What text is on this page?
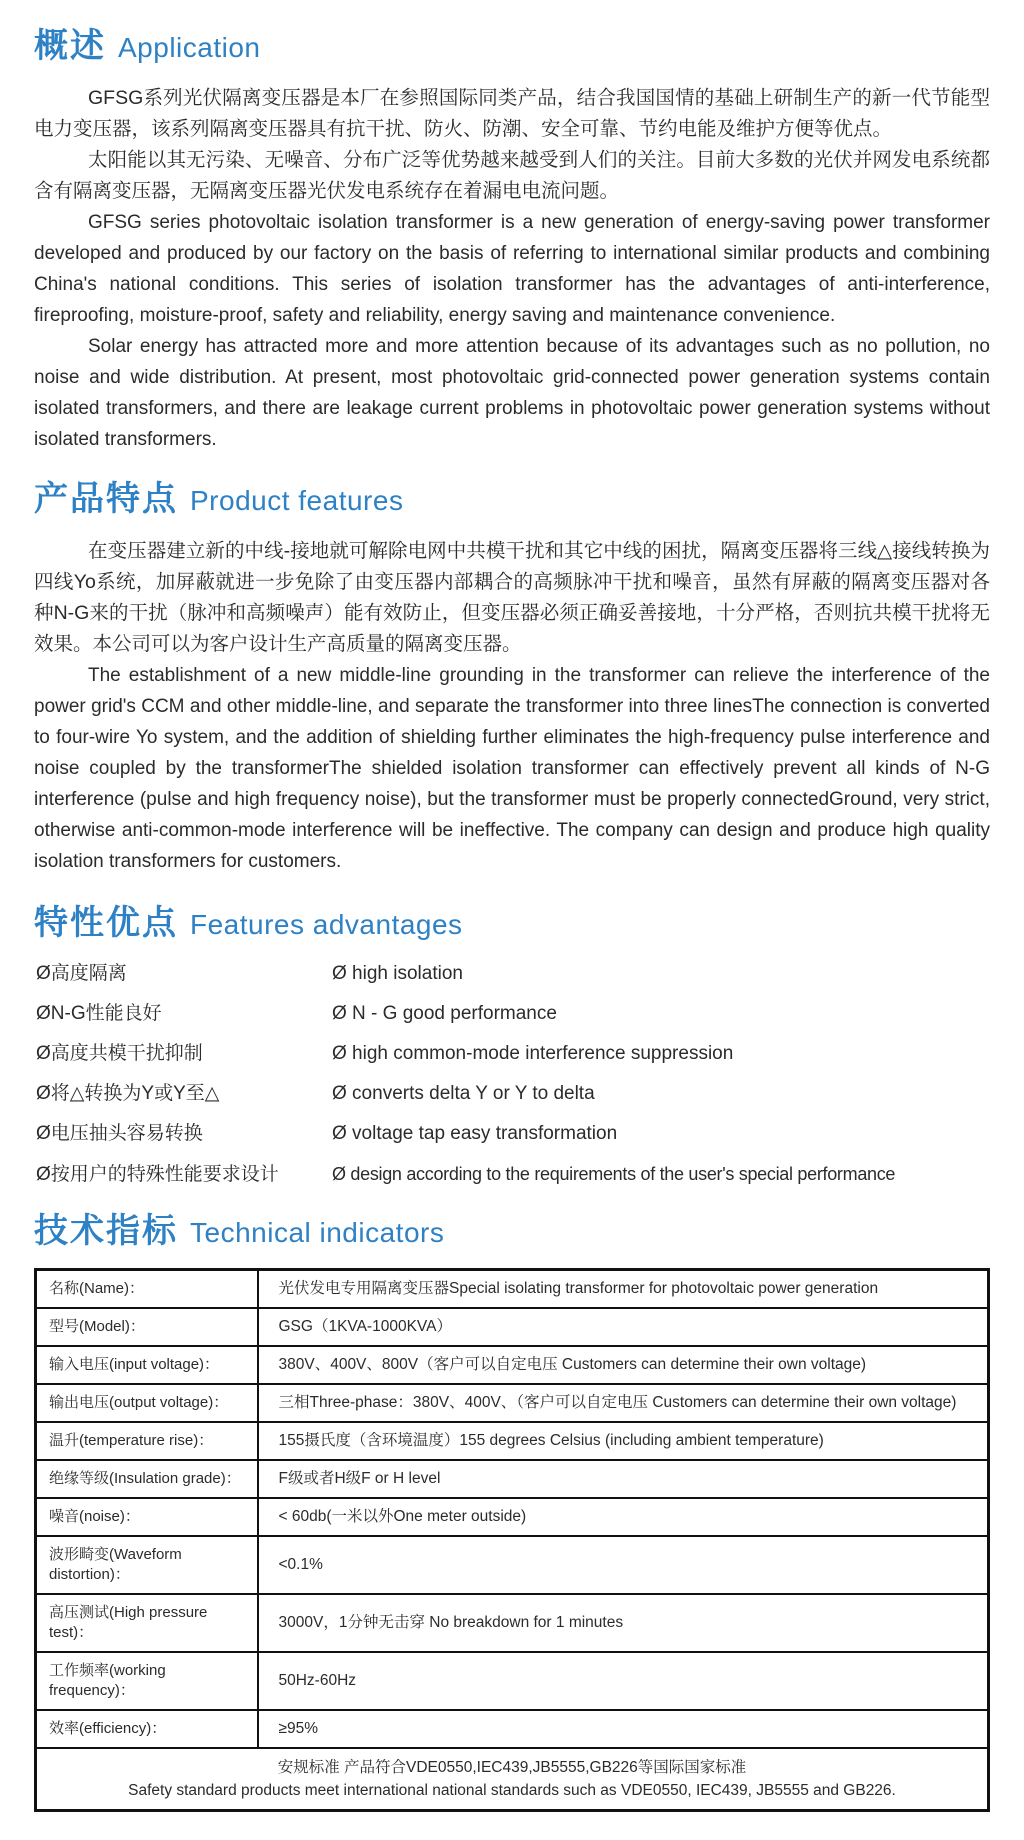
概述 Application

GFSG系列光伏隔离变压器是本厂在参照国际同类产品，结合我国国情的基础上研制生产的新一代节能型电力变压器，该系列隔离变压器具有抗干扰、防火、防潮、安全可靠、节约电能及维护方便等优点。

太阳能以其无污染、无噪音、分布广泛等优势越来越受到人们的关注。目前大多数的光伏并网发电系统都含有隔离变压器，无隔离变压器光伏发电系统存在着漏电电流问题。

GFSG series photovoltaic isolation transformer is a new generation of energy-saving power transformer developed and produced by our factory on the basis of referring to international similar products and combining China's national conditions. This series of isolation transformer has the advantages of anti-interference, fireproofing, moisture-proof, safety and reliability, energy saving and maintenance convenience.

Solar energy has attracted more and more attention because of its advantages such as no pollution, no noise and wide distribution. At present, most photovoltaic grid-connected power generation systems contain isolated transformers, and there are leakage current problems in photovoltaic power generation systems without isolated transformers.

产品特点 Product features

在变压器建立新的中线-接地就可解除电网中共模干扰和其它中线的困扰，隔离变压器将三线△接线转换为四线Yo系统，加屏蔽就进一步免除了由变压器内部耦合的高频脉冲干扰和噪音，虽然有屏蔽的隔离变压器对各种N-G来的干扰（脉冲和高频噪声）能有效防止，但变压器必须正确妥善接地，十分严格，否则抗共模干扰将无效果。本公司可以为客户设计生产高质量的隔离变压器。

The establishment of a new middle-line grounding in the transformer can relieve the interference of the power grid's CCM and other middle-line, and separate the transformer into three linesThe connection is converted to four-wire Yo system, and the addition of shielding further eliminates the high-frequency pulse interference and noise coupled by the transformerThe shielded isolation transformer can effectively prevent all kinds of N-G interference (pulse and high frequency noise), but the transformer must be properly connectedGround, very strict, otherwise anti-common-mode interference will be ineffective. The company can design and produce high quality isolation transformers for customers.

特性优点 Features advantages
Ø高度隔离	Ø high isolation
ØN-G性能良好	Ø N - G good performance
Ø高度共模干扰抑制	Ø high common-mode interference suppression
Ø将△转换为Y或Y至△	Ø converts delta Y or Y to delta
Ø电压抽头容易转换	Ø voltage tap easy transformation
Ø按用户的特殊性能要求设计	Ø design according to the requirements of the user's special performance
技术指标 Technical indicators
名称(Name)：	光伏发电专用隔离变压器Special isolating transformer for photovoltaic power generation
型号(Model)：	GSG（1KVA-1000KVA）
输入电压(input voltage)：	380V、400V、800V（客户可以自定电压 Customers can determine their own voltage)
输出电压(output voltage)：	三相Three-phase：380V、400V、（客户可以自定电压 Customers can determine their own voltage)
温升(temperature rise)：	155摄氏度（含环境温度）155 degrees Celsius (including ambient temperature)
绝缘等级(Insulation grade)：	F级或者H级F or H level
噪音(noise)：	< 60db(一米以外One meter outside)
波形畸变(Waveform distortion)：	<0.1%
高压测试(High pressure test)：	3000V，1分钟无击穿 No breakdown for 1 minutes
工作频率(working frequency)：	50Hz-60Hz
效率(efficiency)：	≥95%

安规标准 产品符合VDE0550,IEC439,JB5555,GB226等国际国家标准
Safety standard products meet international national standards such as VDE0550, IEC439, JB5555 and GB226.	
